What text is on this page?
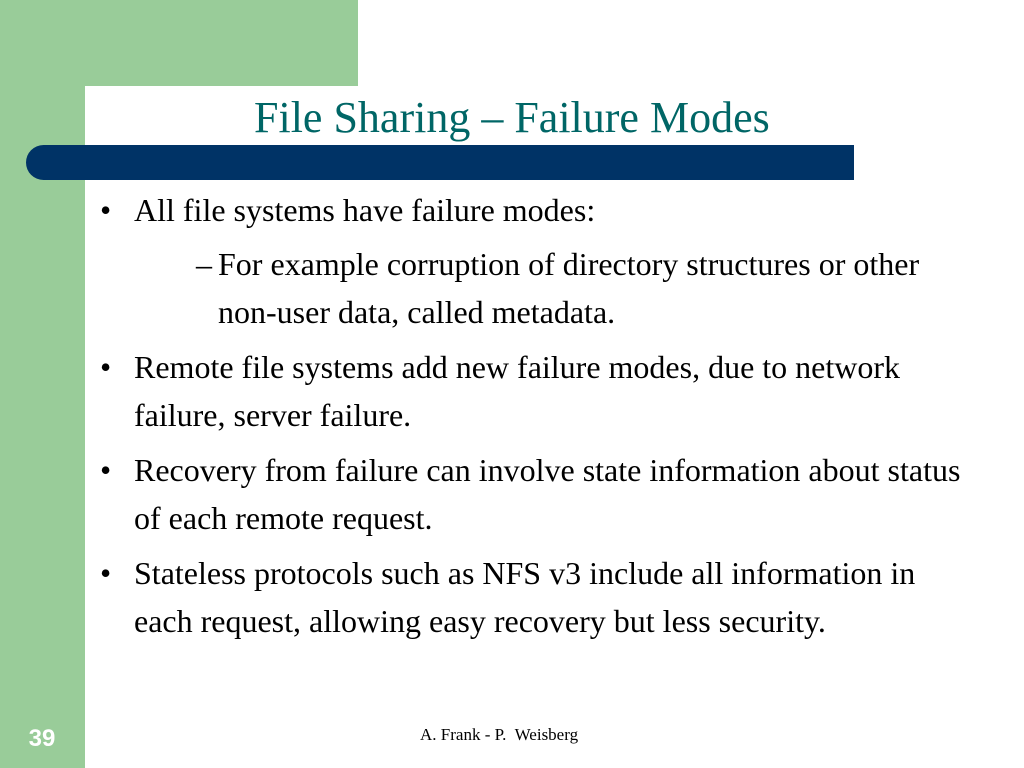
File Sharing – Failure Modes
• All file systems have failure modes:
– For example corruption of directory structures or other non-user data, called metadata.
• Remote file systems add new failure modes, due to network failure, server failure.
• Recovery from failure can involve state information about status of each remote request.
• Stateless protocols such as NFS v3 include all information in each request, allowing easy recovery but less security.
39	A. Frank - P.  Weisberg
